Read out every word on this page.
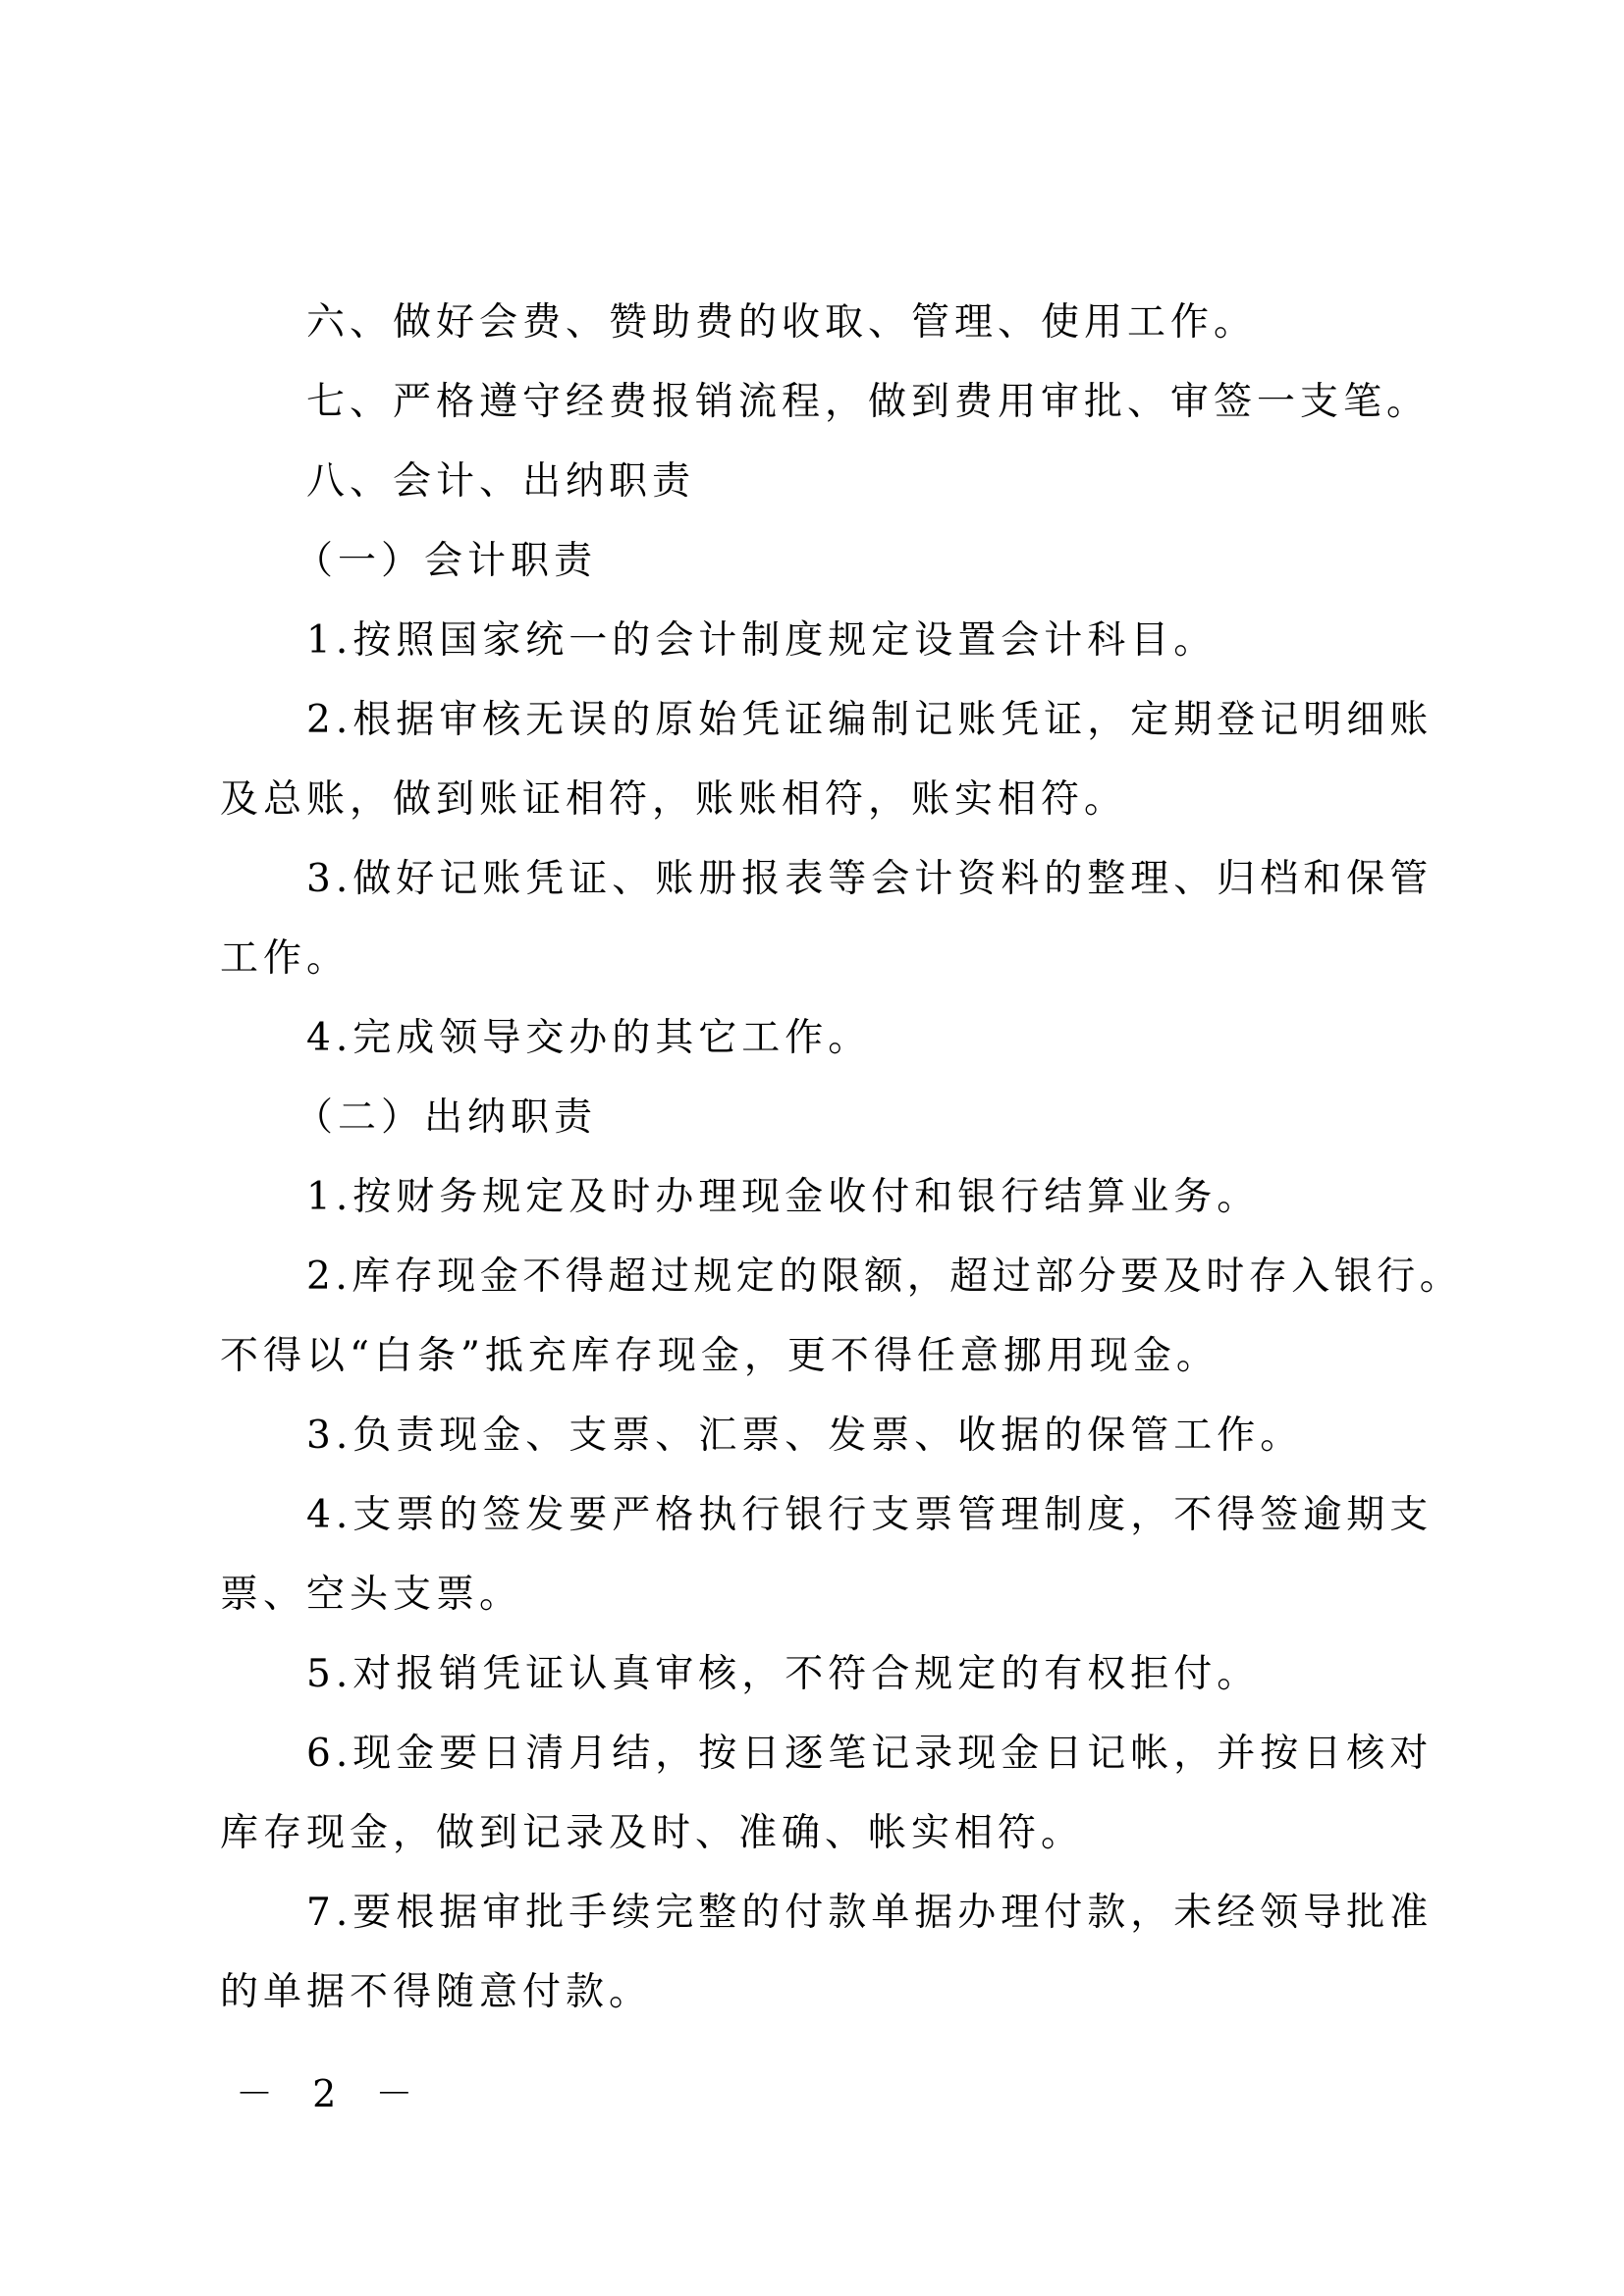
六、做好会费、赞助费的收取、管理、使用工作。
七、严格遵守经费报销流程，做到费用审批、审签一支笔。
八、会计、出纳职责
（一）会计职责
1.按照国家统一的会计制度规定设置会计科目。
2.根据审核无误的原始凭证编制记账凭证，定期登记明细账
及总账，做到账证相符，账账相符，账实相符。
3.做好记账凭证、账册报表等会计资料的整理、归档和保管
工作。
4.完成领导交办的其它工作。
（二）出纳职责
1.按财务规定及时办理现金收付和银行结算业务。
2.库存现金不得超过规定的限额，超过部分要及时存入银行。
不得以“白条”抵充库存现金，更不得任意挪用现金。
3.负责现金、支票、汇票、发票、收据的保管工作。
4.支票的签发要严格执行银行支票管理制度，不得签逾期支
票、空头支票。
5.对报销凭证认真审核，不符合规定的有权拒付。
6.现金要日清月结，按日逐笔记录现金日记帐，并按日核对
库存现金，做到记录及时、准确、帐实相符。
7.要根据审批手续完整的付款单据办理付款，未经领导批准
的单据不得随意付款。
－ 2 －
